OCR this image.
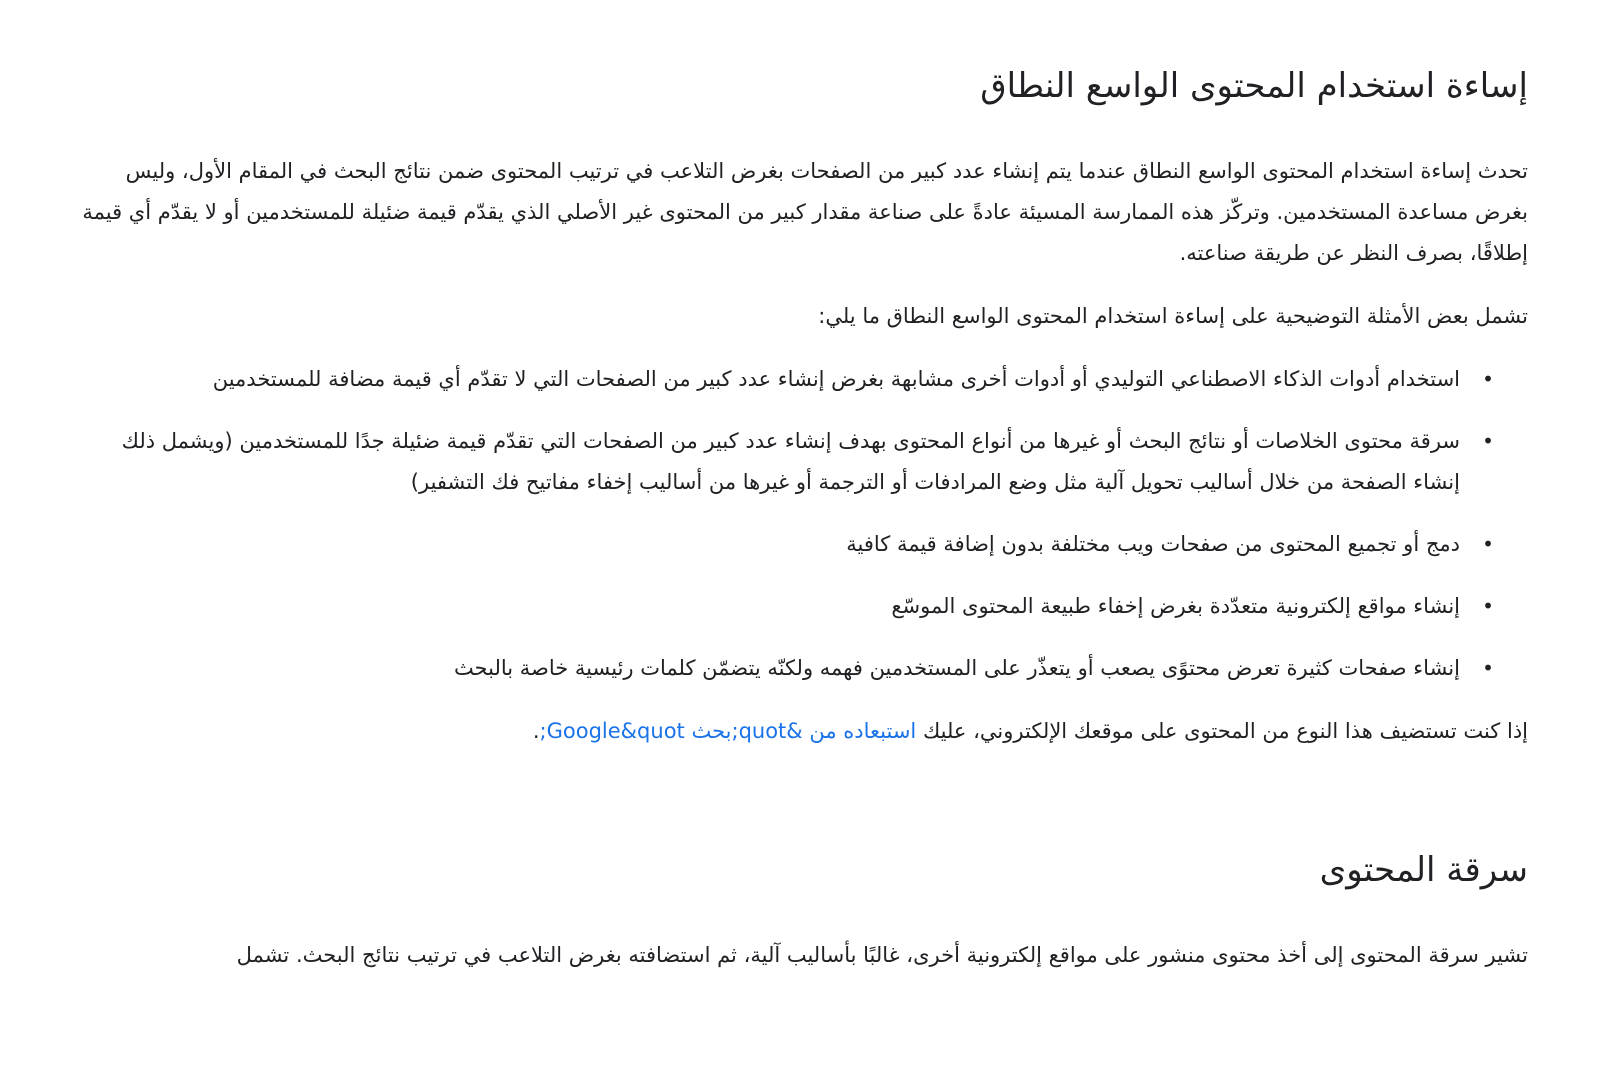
إساءة استخدام المحتوى الواسع النطاق

تحدث إساءة استخدام المحتوى الواسع النطاق عندما يتم إنشاء عدد كبير من الصفحات بغرض التلاعب في ترتيب المحتوى ضمن نتائج البحث في المقام الأول، وليس بغرض مساعدة المستخدمين. وتركّز هذه الممارسة المسيئة عادةً على صناعة مقدار كبير من المحتوى غير الأصلي الذي يقدّم قيمة ضئيلة للمستخدمين أو لا يقدّم أي قيمة إطلاقًا، بصرف النظر عن طريقة صناعته.

تشمل بعض الأمثلة التوضيحية على إساءة استخدام المحتوى الواسع النطاق ما يلي:

•
استخدام أدوات الذكاء الاصطناعي التوليدي أو أدوات أخرى مشابهة بغرض إنشاء عدد كبير من الصفحات التي لا تقدّم أي قيمة مضافة للمستخدمين
•
سرقة محتوى الخلاصات أو نتائج البحث أو غيرها من أنواع المحتوى بهدف إنشاء عدد كبير من الصفحات التي تقدّم قيمة ضئيلة جدًا للمستخدمين (ويشمل ذلك إنشاء الصفحة من خلال أساليب تحويل آلية مثل وضع المرادفات أو الترجمة أو غيرها من أساليب إخفاء مفاتيح فك التشفير)
•
دمج أو تجميع المحتوى من صفحات ويب مختلفة بدون إضافة قيمة كافية
•
إنشاء مواقع إلكترونية متعدّدة بغرض إخفاء طبيعة المحتوى الموسّع
•
إنشاء صفحات كثيرة تعرض محتوًى يصعب أو يتعذّر على المستخدمين فهمه ولكنّه يتضمّن كلمات رئيسية خاصة بالبحث

إذا كنت تستضيف هذا النوع من المحتوى على موقعك الإلكتروني، عليك استبعاده من &quot;بحث Google&quot;.

سرقة المحتوى

تشير سرقة المحتوى إلى أخذ محتوى منشور على مواقع إلكترونية أخرى، غالبًا بأساليب آلية، ثم استضافته بغرض التلاعب في ترتيب نتائج البحث. تشمل
